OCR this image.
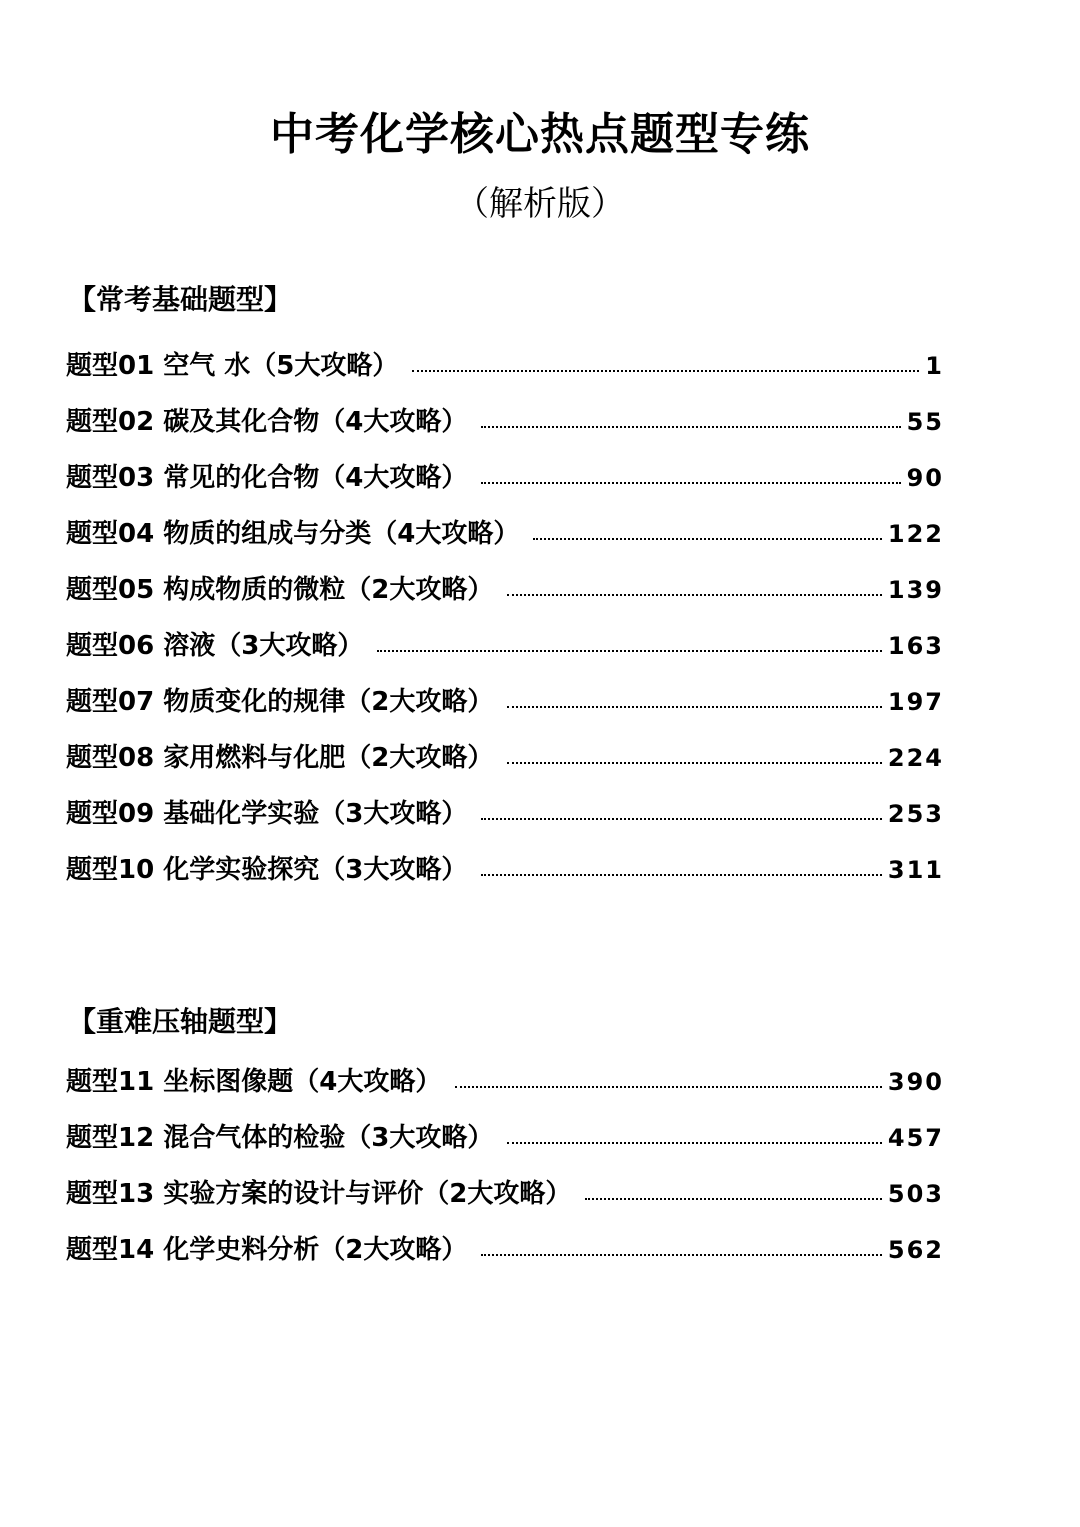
中考化学核心热点题型专练
（解析版）
【常考基础题型】
题型01 空气 水（5大攻略）	1
题型02 碳及其化合物（4大攻略）	55
题型03 常见的化合物（4大攻略）	90
题型04 物质的组成与分类（4大攻略）	122
题型05 构成物质的微粒（2大攻略）	139
题型06 溶液（3大攻略）	163
题型07 物质变化的规律（2大攻略）	197
题型08 家用燃料与化肥（2大攻略）	224
题型09 基础化学实验（3大攻略）	253
题型10 化学实验探究（3大攻略）	311
【重难压轴题型】
题型11 坐标图像题（4大攻略）	390
题型12 混合气体的检验（3大攻略）	457
题型13 实验方案的设计与评价（2大攻略）	503
题型14 化学史料分析（2大攻略）	562
